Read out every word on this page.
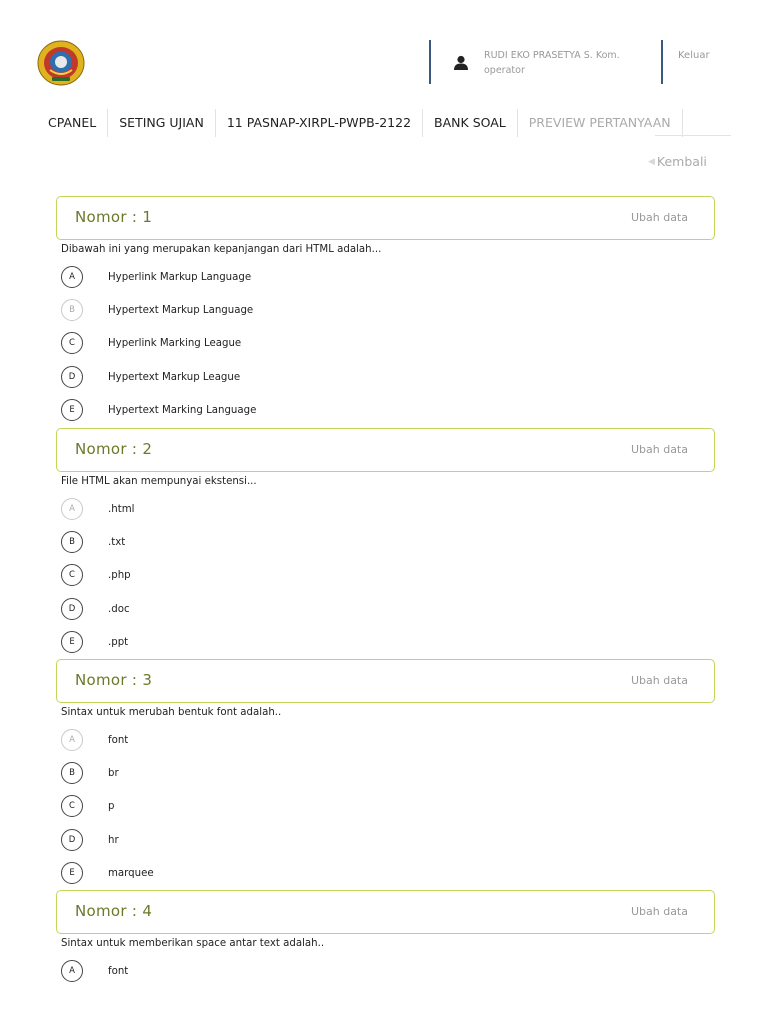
RUDI EKO PRASETYA S. Kom.
operator
Keluar
CPANEL	SETING UJIAN	11 PASNAP-XIRPL-PWPB-2122	BANK SOAL	PREVIEW PERTANYAAN
◀ Kembali
Nomor : 1	Ubah data
Dibawah ini yang merupakan kepanjangan dari HTML adalah...
A	Hyperlink Markup Language
B	Hypertext Markup Language
C	Hyperlink Marking League
D	Hypertext Markup League
E	Hypertext Marking Language
Nomor : 2	Ubah data
File HTML akan mempunyai ekstensi...
A	.html
B	.txt
C	.php
D	.doc
E	.ppt
Nomor : 3	Ubah data
Sintax untuk merubah bentuk font adalah..
A	font
B	br
C	p
D	hr
E	marquee
Nomor : 4	Ubah data
Sintax untuk memberikan space antar text adalah..
A	font
